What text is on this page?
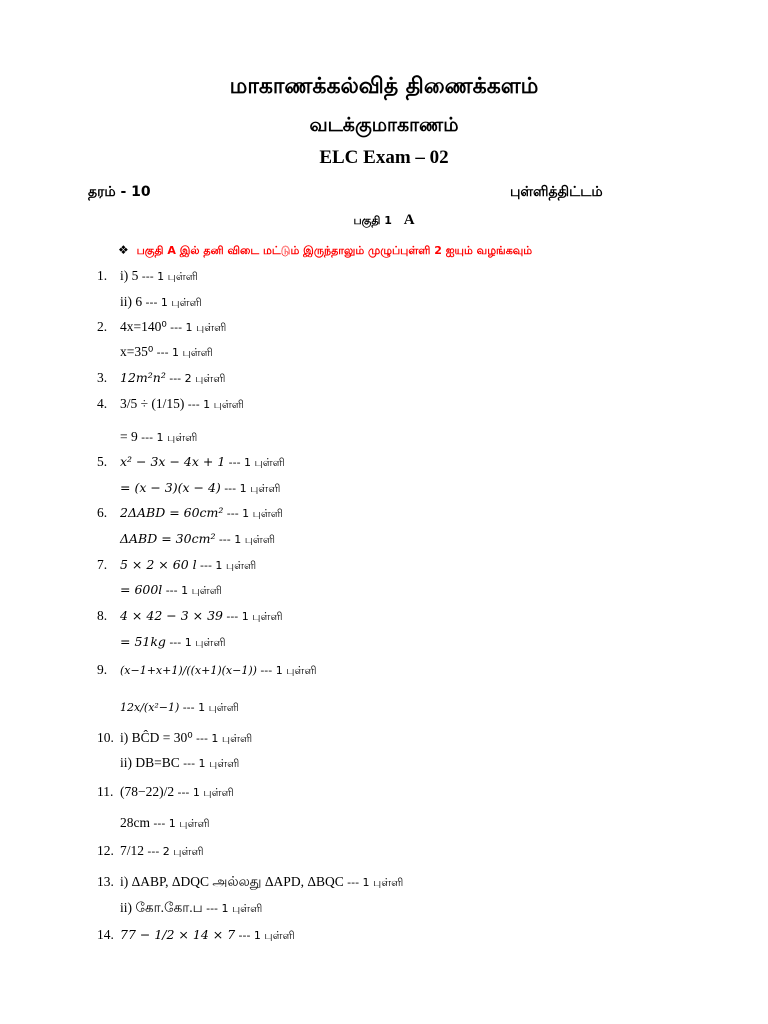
மாகாணக்கல்வித் திணைக்களம்
வடக்குமாகாணம்
ELC Exam – 02
தரம் - 10	புள்ளித்திட்டம்
பகுதி 1 A
❖ பகுதி A இல் தனி விடை மட்டும் இருந்தாலும் முழுப்புள்ளி 2 ஐயும் வழங்கவும்
1. i) 5 --- 1 புள்ளி
ii) 6 --- 1 புள்ளி
2. 4x=140⁰ --- 1 புள்ளி
x=35⁰ --- 1 புள்ளி
3. 12m²n² --- 2 புள்ளி
4. 3/5 ÷ (1/15) --- 1 புள்ளி
= 9 --- 1 புள்ளி
5. x² − 3x − 4x + 1 --- 1 புள்ளி
= (x − 3)(x − 4) --- 1 புள்ளி
6. 2ΔABD = 60cm² --- 1 புள்ளி
ΔABD = 30cm² --- 1 புள்ளி
7. 5 × 2 × 60 l --- 1 புள்ளி
= 600l --- 1 புள்ளி
8. 4 × 42 − 3 × 39 --- 1 புள்ளி
= 51kg --- 1 புள்ளி
9. (x−1+x+1)/((x+1)(x−1)) --- 1 புள்ளி
12x/(x²−1) --- 1 புள்ளி
10. i) BĈD = 30⁰ --- 1 புள்ளி
ii) DB=BC --- 1 புள்ளி
11. (78−22)/2 --- 1 புள்ளி
28cm --- 1 புள்ளி
12. 7/12 --- 2 புள்ளி
13. i) ΔABP, ΔDQC அல்லது ΔAPD, ΔBQC --- 1 புள்ளி
ii) கோ.கோ.ப --- 1 புள்ளி
14. 77 − 1/2 × 14 × 7 --- 1 புள்ளி
